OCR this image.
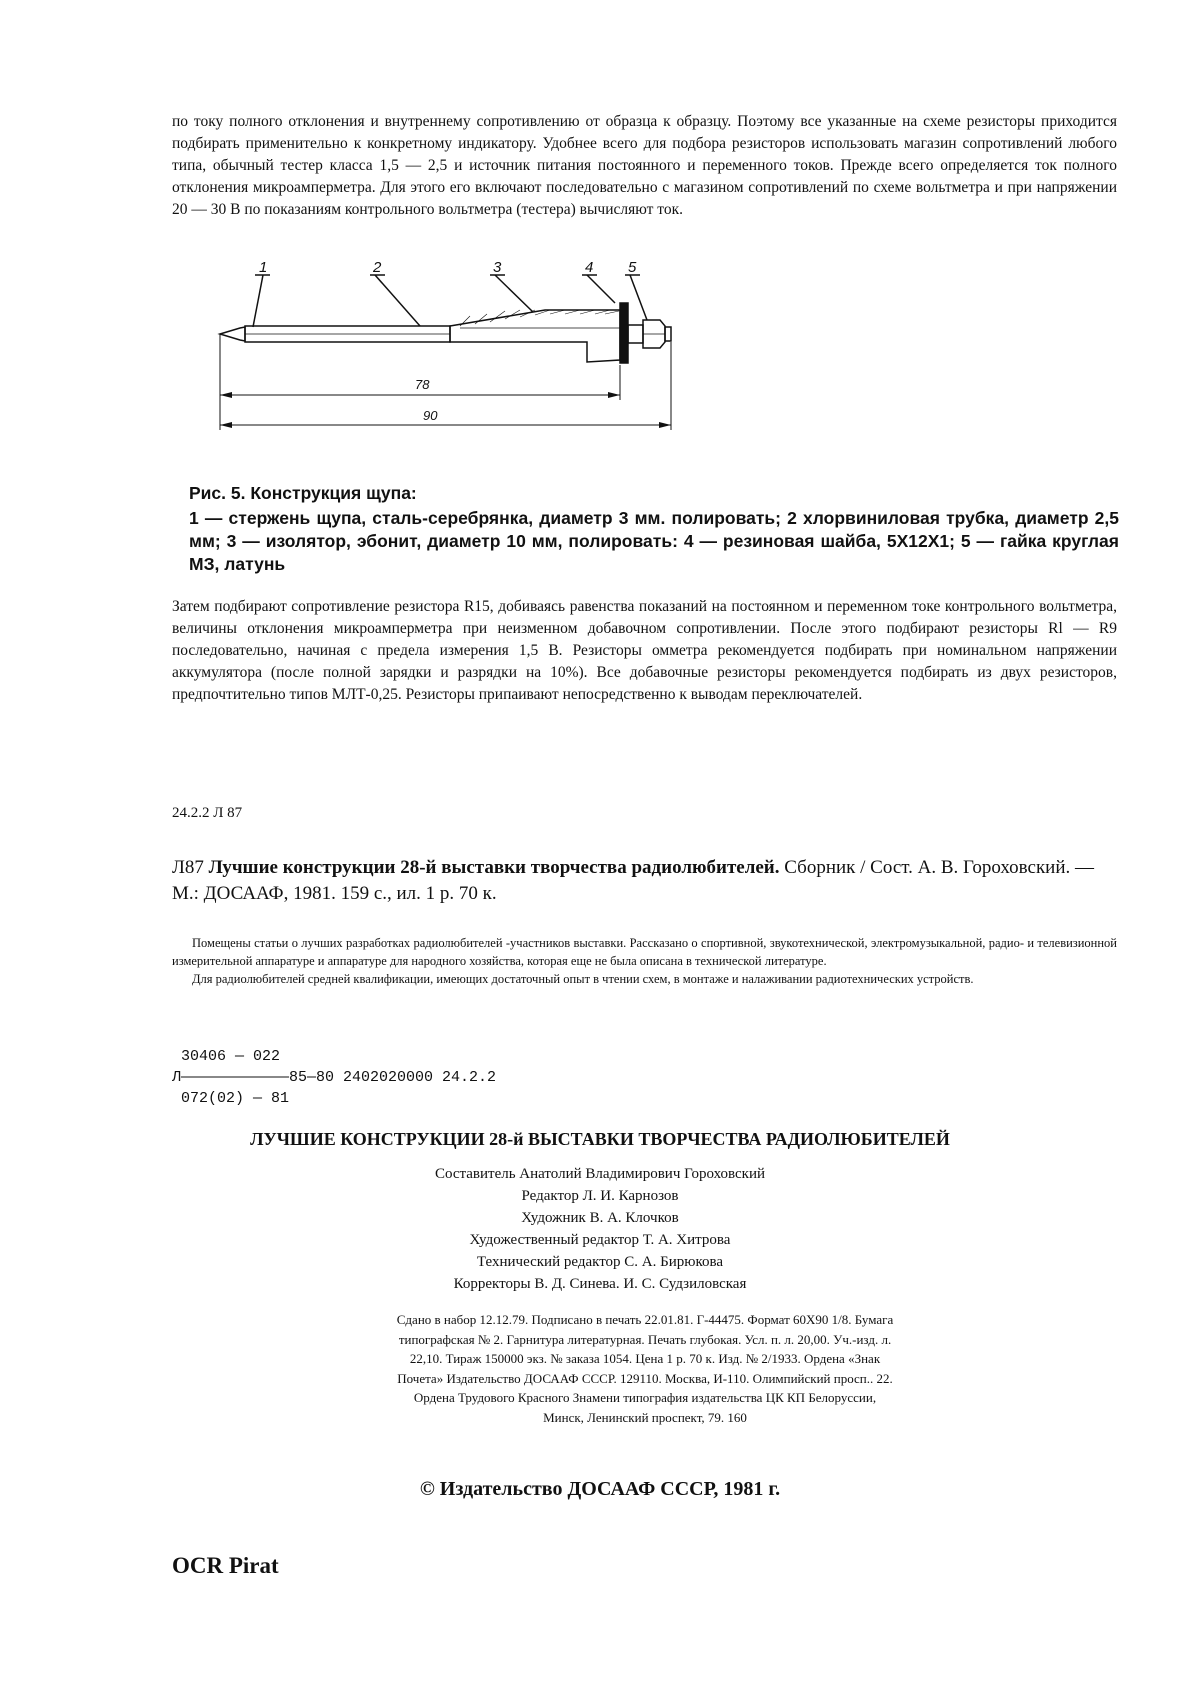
по току полного отклонения и внутреннему сопротивлению от образца к образцу. Поэтому все указанные на схеме резисторы приходится подбирать применительно к конкретному индикатору. Удобнее всего для подбора резисторов использовать магазин сопротивлений любого типа, обычный тестер класса 1,5 — 2,5 и источник питания постоянного и переменного токов. Прежде всего определяется ток полного отклонения микроамперметра. Для этого его включают последовательно с магазином сопротивлений по схеме вольтметра и при напряжении 20 — 30 В по показаниям контрольного вольтметра (тестера) вычисляют ток.

1	2	3	4 5
78
90

Рис. 5. Конструкция щупа:

1 — стержень щупа, сталь-серебрянка, диаметр 3 мм. полировать; 2 хлорвиниловая трубка, диаметр 2,5 мм; 3 — изолятор, эбонит, диаметр 10 мм, полировать: 4 — резиновая шайба, 5Х12Х1; 5 — гайка круглая МЗ, латунь

Затем подбирают сопротивление резистора R15, добиваясь равенства показаний на постоянном и переменном токе контрольного вольтметра, величины отклонения микроамперметра при неизменном добавочном сопротивлении. После этого подбирают резисторы Rl — R9 последовательно, начиная с предела измерения 1,5 В. Резисторы омметра рекомендуется подбирать при номинальном напряжении аккумулятора (после полной зарядки и разрядки на 10%). Все добавочные резисторы рекомендуется подбирать из двух резисторов, предпочтительно типов МЛТ-0,25. Резисторы припаивают непосредственно к выводам переключателей.

24.2.2 Л 87
Л87 Лучшие конструкции 28-й выставки творчества радиолюбителей. Сборник / Сост. А. В. Гороховский. — М.: ДОСААФ, 1981. 159 с., ил. 1 р. 70 к.

Помещены статьи о лучших разработках радиолюбителей -участников выставки. Рассказано о спортивной, звукотехнической, электромузыкальной, радио- и телевизионной измерительной аппаратуре и аппаратуре для народного хозяйства, которая еще не была описана в технической литературе.

Для радиолюбителей средней квалификации, имеющих достаточный опыт в чтении схем, в монтаже и налаживании радиотехнических устройств.

30406 — 022
Л————————————85—80 2402020000 24.2.2
072(02) — 81
ЛУЧШИЕ КОНСТРУКЦИИ 28-й ВЫСТАВКИ ТВОРЧЕСТВА РАДИОЛЮБИТЕЛЕЙ
Составитель Анатолий Владимирович Гороховский
Редактор Л. И. Карнозов
Художник В. А. Клочков
Художественный редактор Т. А. Хитрова
Технический редактор С. А. Бирюкова
Корректоры В. Д. Синева. И. С. Судзиловская
Сдано в набор 12.12.79. Подписано в печать 22.01.81. Г-44475. Формат 60X90 1/8. Бумага типографская № 2. Гарнитура литературная. Печать глубокая. Усл. п. л. 20,00. Уч.-изд. л. 22,10. Тираж 150000 экз. № заказа 1054. Цена 1 р. 70 к. Изд. № 2/1933. Ордена «Знак Почета» Издательство ДОСААФ СССР. 129110. Москва, И-110. Олимпийский просп.. 22. Ордена Трудового Красного Знамени типография издательства ЦК КП Белоруссии, Минск, Ленинский проспект, 79. 160
© Издательство ДОСААФ СССР, 1981 г.
OCR Pirat
